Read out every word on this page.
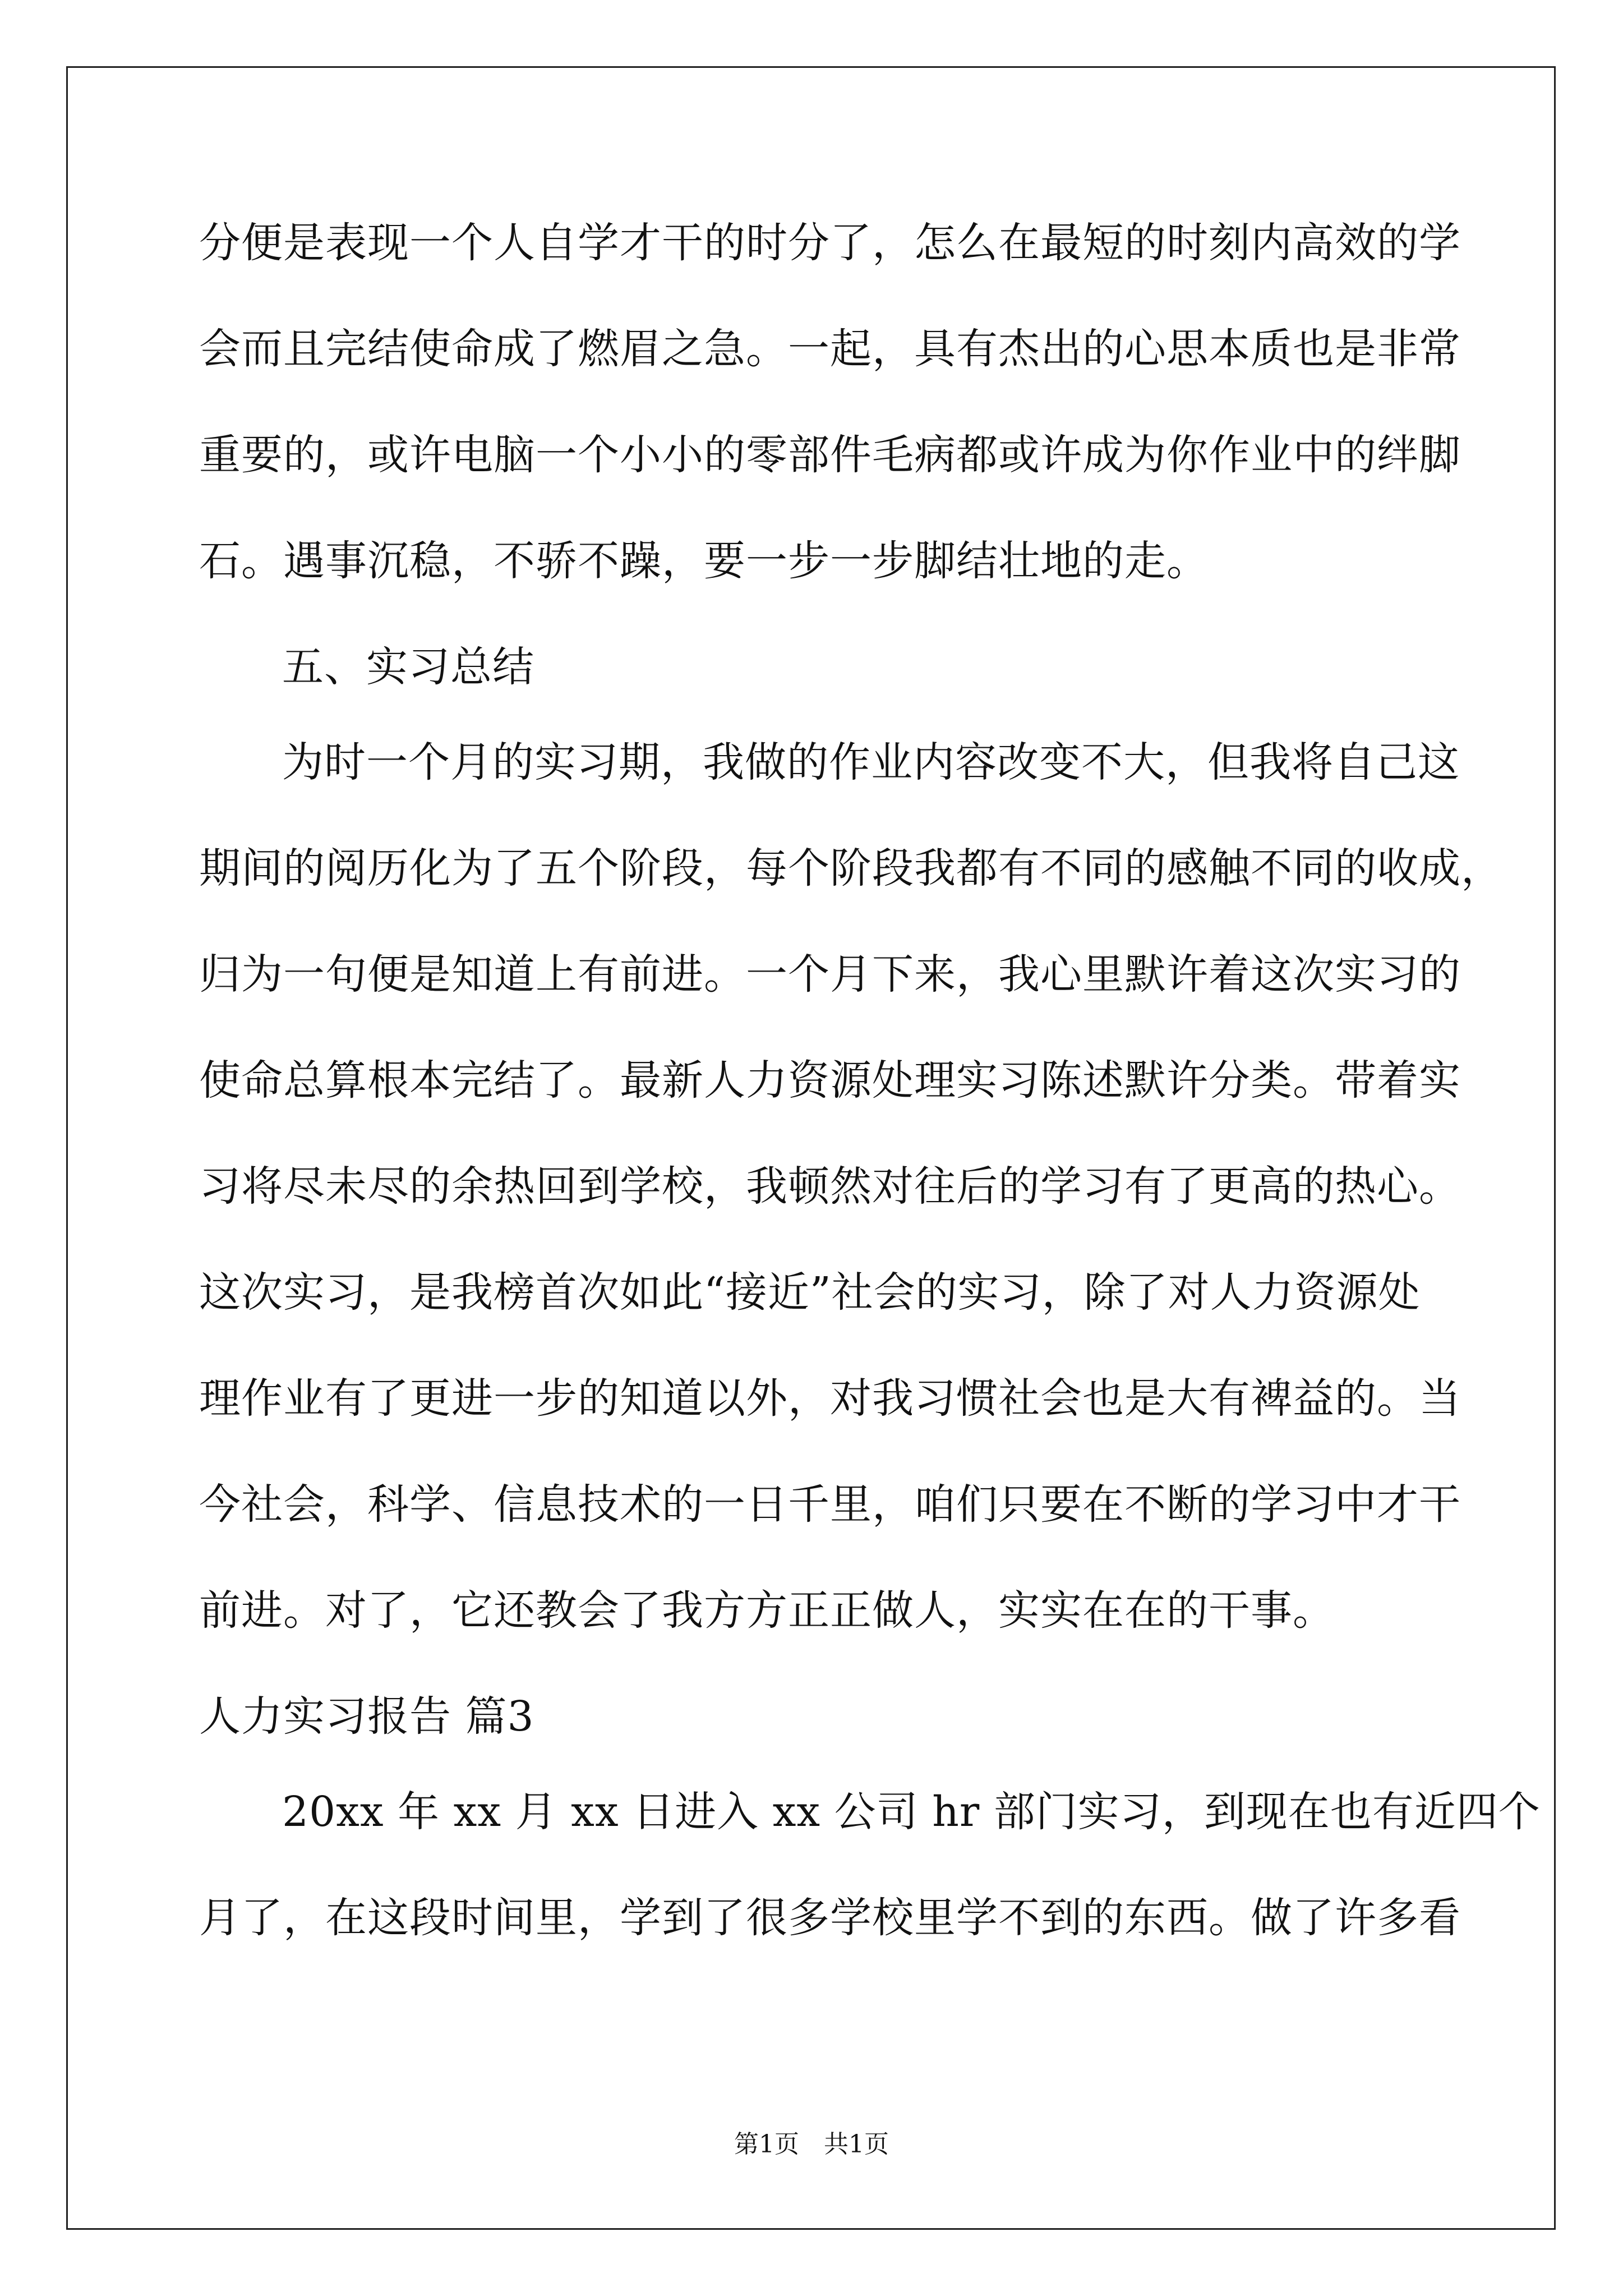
分便是表现一个人自学才干的时分了，怎么在最短的时刻内高效的学
会而且完结使命成了燃眉之急。一起，具有杰出的心思本质也是非常
重要的，或许电脑一个小小的零部件毛病都或许成为你作业中的绊脚
石。遇事沉稳，不骄不躁，要一步一步脚结壮地的走。
五、实习总结
为时一个月的实习期，我做的作业内容改变不大，但我将自己这
期间的阅历化为了五个阶段，每个阶段我都有不同的感触不同的收成，
归为一句便是知道上有前进。一个月下来，我心里默许着这次实习的
使命总算根本完结了。最新人力资源处理实习陈述默许分类。带着实
习将尽未尽的余热回到学校，我顿然对往后的学习有了更高的热心。
这次实习，是我榜首次如此“接近”社会的实习，除了对人力资源处
理作业有了更进一步的知道以外，对我习惯社会也是大有裨益的。当
今社会，科学、信息技术的一日千里，咱们只要在不断的学习中才干
前进。对了，它还教会了我方方正正做人，实实在在的干事。
人力实习报告 篇3
20xx 年 xx 月 xx 日进入 xx 公司 hr 部门实习，到现在也有近四个
月了，在这段时间里，学到了很多学校里学不到的东西。做了许多看
第1页 共1页
